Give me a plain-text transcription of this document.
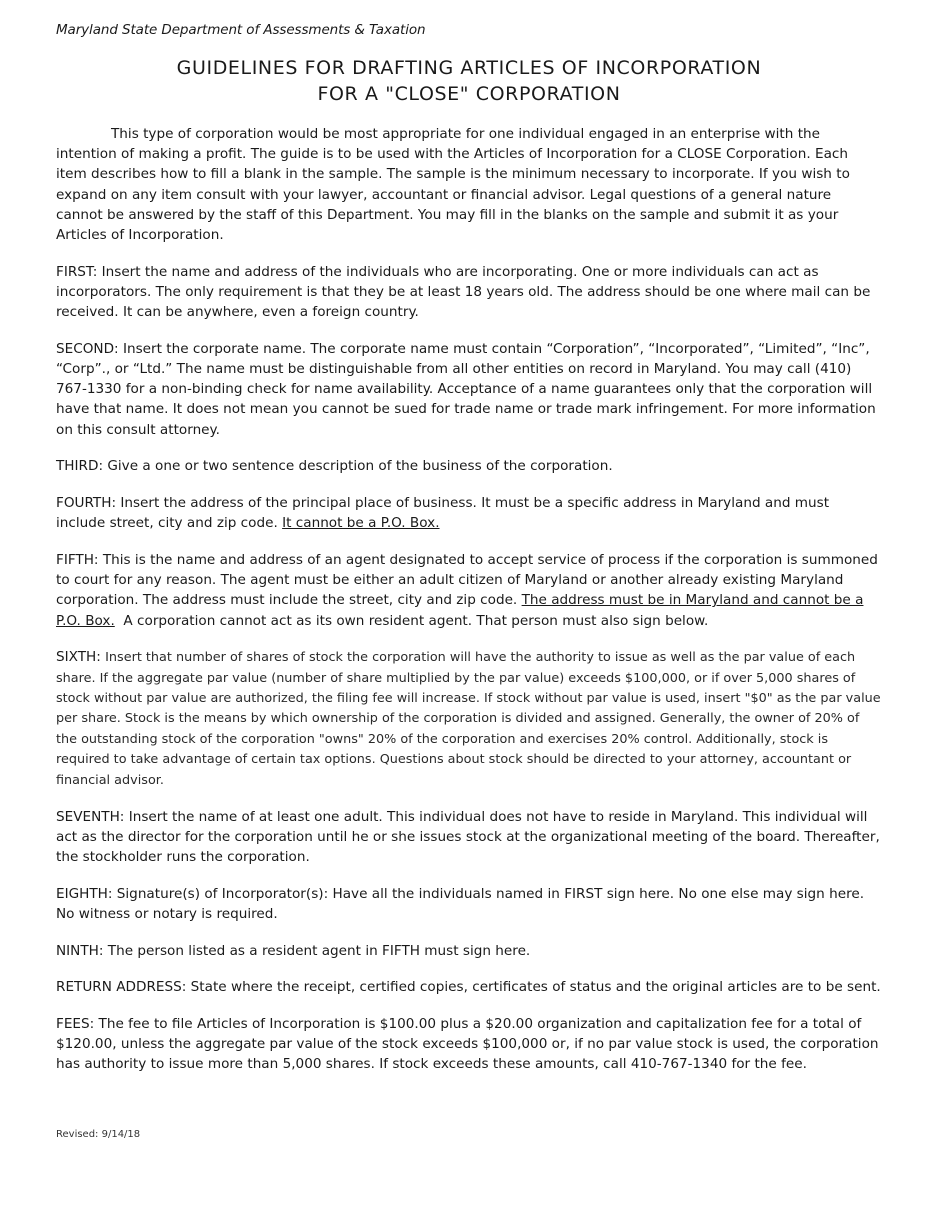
Maryland State Department of Assessments & Taxation

GUIDELINES FOR DRAFTING ARTICLES OF INCORPORATION
FOR A "CLOSE" CORPORATION

This type of corporation would be most appropriate for one individual engaged in an enterprise with the intention of making a profit. The guide is to be used with the Articles of Incorporation for a CLOSE Corporation. Each item describes how to fill a blank in the sample. The sample is the minimum necessary to incorporate. If you wish to expand on any item consult with your lawyer, accountant or financial advisor. Legal questions of a general nature cannot be answered by the staff of this Department. You may fill in the blanks on the sample and submit it as your Articles of Incorporation.

FIRST: Insert the name and address of the individuals who are incorporating. One or more individuals can act as incorporators. The only requirement is that they be at least 18 years old. The address should be one where mail can be received. It can be anywhere, even a foreign country.

SECOND: Insert the corporate name. The corporate name must contain “Corporation”, “Incorporated”, “Limited”, “Inc”, “Corp”., or “Ltd.” The name must be distinguishable from all other entities on record in Maryland. You may call (410) 767-1330 for a non-binding check for name availability. Acceptance of a name guarantees only that the corporation will have that name. It does not mean you cannot be sued for trade name or trade mark infringement. For more information on this consult attorney.

THIRD: Give a one or two sentence description of the business of the corporation.

FOURTH: Insert the address of the principal place of business. It must be a specific address in Maryland and must include street, city and zip code. It cannot be a P.O. Box.

FIFTH: This is the name and address of an agent designated to accept service of process if the corporation is summoned to court for any reason. The agent must be either an adult citizen of Maryland or another already existing Maryland corporation. The address must include the street, city and zip code. The address must be in Maryland and cannot be a P.O. Box.  A corporation cannot act as its own resident agent. That person must also sign below.

SIXTH: Insert that number of shares of stock the corporation will have the authority to issue as well as the par value of each share. If the aggregate par value (number of share multiplied by the par value) exceeds $100,000, or if over 5,000 shares of stock without par value are authorized, the filing fee will increase. If stock without par value is used, insert "$0" as the par value per share. Stock is the means by which ownership of the corporation is divided and assigned. Generally, the owner of 20% of the outstanding stock of the corporation "owns" 20% of the corporation and exercises 20% control. Additionally, stock is required to take advantage of certain tax options. Questions about stock should be directed to your attorney, accountant or financial advisor.

SEVENTH: Insert the name of at least one adult. This individual does not have to reside in Maryland. This individual will act as the director for the corporation until he or she issues stock at the organizational meeting of the board. Thereafter, the stockholder runs the corporation.

EIGHTH: Signature(s) of Incorporator(s): Have all the individuals named in FIRST sign here. No one else may sign here. No witness or notary is required.

NINTH: The person listed as a resident agent in FIFTH must sign here.

RETURN ADDRESS: State where the receipt, certified copies, certificates of status and the original articles are to be sent.

FEES: The fee to file Articles of Incorporation is $100.00 plus a $20.00 organization and capitalization fee for a total of $120.00, unless the aggregate par value of the stock exceeds $100,000 or, if no par value stock is used, the corporation has authority to issue more than 5,000 shares. If stock exceeds these amounts, call 410-767-1340 for the fee.

Revised: 9/14/18
